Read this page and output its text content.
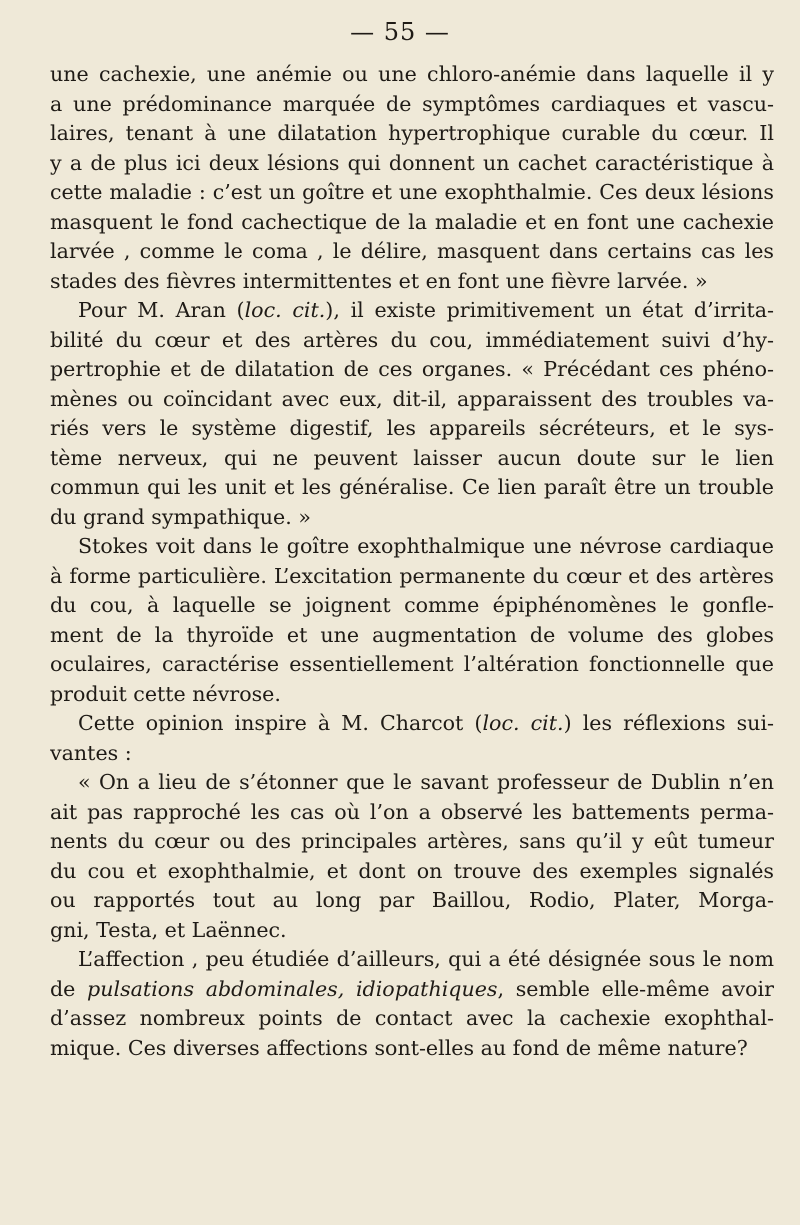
— 55 —
une cachexie, une anémie ou une chloro-anémie dans laquelle il y
a une prédominance marquée de symptômes cardiaques et vascu-
laires, tenant à une dilatation hypertrophique curable du cœur. Il
y a de plus ici deux lésions qui donnent un cachet caractéristique à
cette maladie : c’est un goître et une exophthalmie. Ces deux lésions
masquent le fond cachectique de la maladie et en font une cachexie
larvée , comme le coma , le délire, masquent dans certains cas les
stades des fièvres intermittentes et en font une fièvre larvée. »
Pour M. Aran (loc. cit.), il existe primitivement un état d’irrita-
bilité du cœur et des artères du cou, immédiatement suivi d’hy-
pertrophie et de dilatation de ces organes. « Précédant ces phéno-
mènes ou coïncidant avec eux, dit-il, apparaissent des troubles va-
riés vers le système digestif, les appareils sécréteurs, et le sys-
tème nerveux, qui ne peuvent laisser aucun doute sur le lien
commun qui les unit et les généralise. Ce lien paraît être un trouble
du grand sympathique. »
Stokes voit dans le goître exophthalmique une névrose cardiaque
à forme particulière. L’excitation permanente du cœur et des artères
du cou, à laquelle se joignent comme épiphénomènes le gonfle-
ment de la thyroïde et une augmentation de volume des globes
oculaires, caractérise essentiellement l’altération fonctionnelle que
produit cette névrose.
Cette opinion inspire à M. Charcot (loc. cit.) les réflexions sui-
vantes :
« On a lieu de s’étonner que le savant professeur de Dublin n’en
ait pas rapproché les cas où l’on a observé les battements perma-
nents du cœur ou des principales artères, sans qu’il y eût tumeur
du cou et exophthalmie, et dont on trouve des exemples signalés
ou rapportés tout au long par Baillou, Rodio, Plater, Morga-
gni, Testa, et Laënnec.
L’affection , peu étudiée d’ailleurs, qui a été désignée sous le nom
de pulsations abdominales, idiopathiques, semble elle-même avoir
d’assez nombreux points de contact avec la cachexie exophthal-
mique. Ces diverses affections sont-elles au fond de même nature?
